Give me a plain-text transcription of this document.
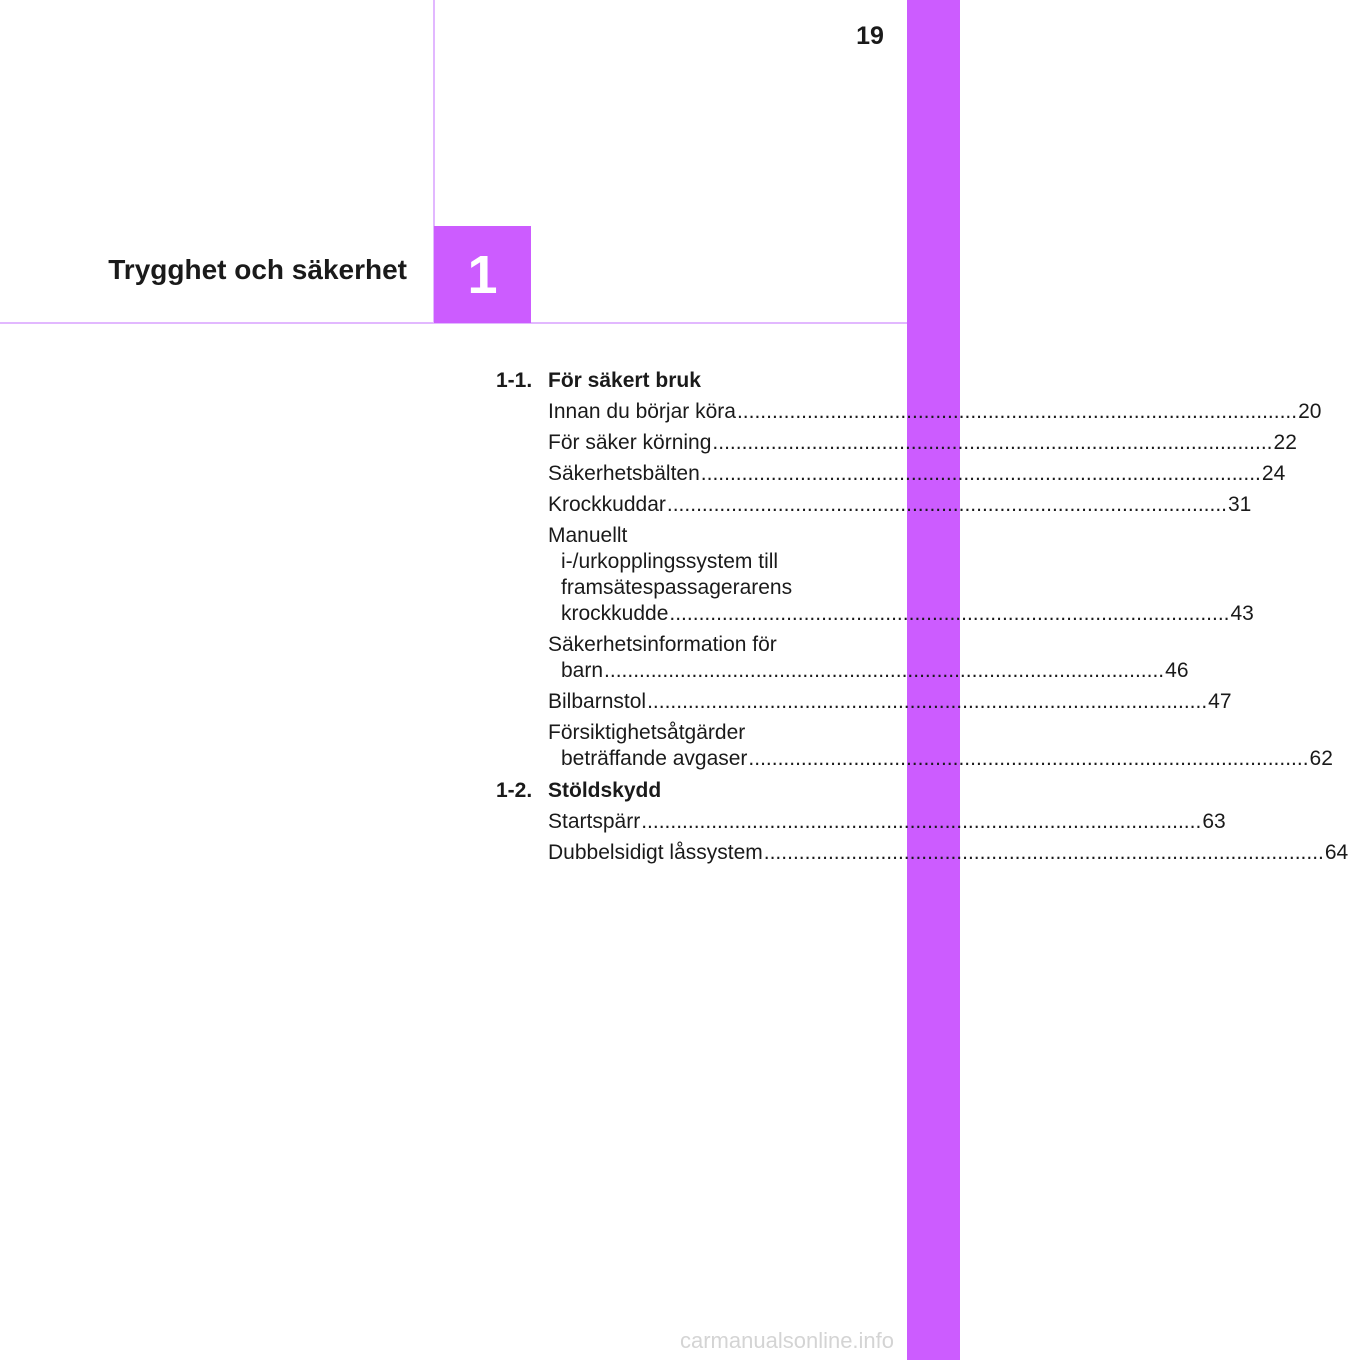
19
1
Trygghet och säkerhet
1-1. För säkert bruk
Innan du börjar köra .....	20
För säker körning .....	22
Säkerhetsbälten .....	24
Krockkuddar .....	31
Manuellt
i-/urkopplingssystem till
framsätespassagerarens
krockkudde .....	43
Säkerhetsinformation för
barn .....	46
Bilbarnstol .....	47
Försiktighetsåtgärder
beträffande avgaser .....	62
1-2. Stöldskydd
Startspärr .....	63
Dubbelsidigt låssystem .....	64
carmanualsonline.info
